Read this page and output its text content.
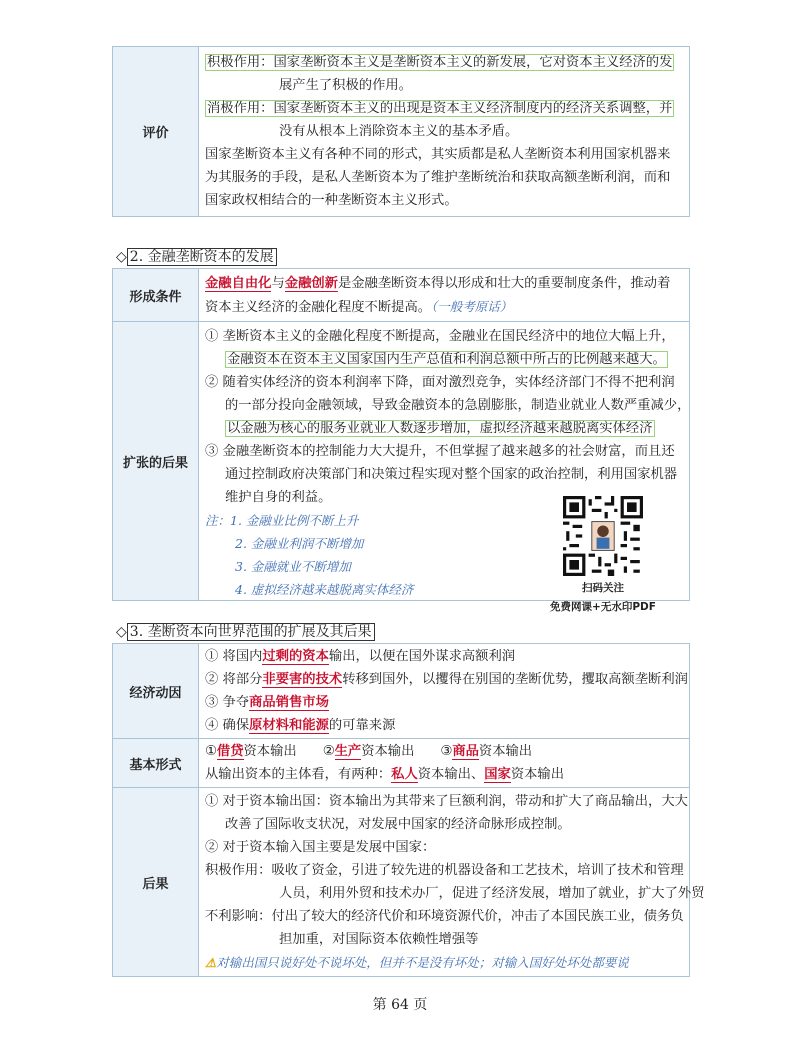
评价
积极作用：国家垄断资本主义是垄断资本主义的新发展，它对资本主义经济的发
展产生了积极的作用。
消极作用：国家垄断资本主义的出现是资本主义经济制度内的经济关系调整，并
没有从根本上消除资本主义的基本矛盾。
国家垄断资本主义有各种不同的形式，其实质都是私人垄断资本利用国家机器来
为其服务的手段，是私人垄断资本为了维护垄断统治和获取高额垄断利润，而和
国家政权相结合的一种垄断资本主义形式。
◇ 2. 金融垄断资本的发展
形成条件
金融自由化与金融创新是金融垄断资本得以形成和壮大的重要制度条件，推动着
资本主义经济的金融化程度不断提高。（一般考原话）
扩张的后果
① 垄断资本主义的金融化程度不断提高，金融业在国民经济中的地位大幅上升，
金融资本在资本主义国家国内生产总值和利润总额中所占的比例越来越大。
② 随着实体经济的资本利润率下降，面对激烈竞争，实体经济部门不得不把利润
的一部分投向金融领域，导致金融资本的急剧膨胀，制造业就业人数严重减少，
以金融为核心的服务业就业人数逐步增加，虚拟经济越来越脱离实体经济
③ 金融垄断资本的控制能力大大提升，不但掌握了越来越多的社会财富，而且还
通过控制政府决策部门和决策过程实现对整个国家的政治控制，利用国家机器
维护自身的利益。
注：1. 金融业比例不断上升
2. 金融业利润不断增加
3. 金融就业不断增加
4. 虚拟经济越来越脱离实体经济	扫码关注
免费网课+无水印PDF
◇ 3. 垄断资本向世界范围的扩展及其后果
经济动因
① 将国内过剩的资本输出，以便在国外谋求高额利润
② 将部分非要害的技术转移到国外，以攫得在别国的垄断优势，攫取高额垄断利润
③ 争夺商品销售市场
④ 确保原材料和能源的可靠来源
基本形式
①借贷资本输出 ②生产资本输出 ③商品资本输出
从输出资本的主体看，有两种：私人资本输出、国家资本输出
后果
① 对于资本输出国：资本输出为其带来了巨额利润，带动和扩大了商品输出，大大
改善了国际收支状况，对发展中国家的经济命脉形成控制。
② 对于资本输入国主要是发展中国家：
积极作用：吸收了资金，引进了较先进的机器设备和工艺技术，培训了技术和管理
人员，利用外贸和技术办厂，促进了经济发展，增加了就业，扩大了外贸
不利影响：付出了较大的经济代价和环境资源代价，冲击了本国民族工业，债务负
担加重，对国际资本依赖性增强等
⚠对输出国只说好处不说坏处，但并不是没有坏处；对输入国好处坏处都要说
第 64 页
